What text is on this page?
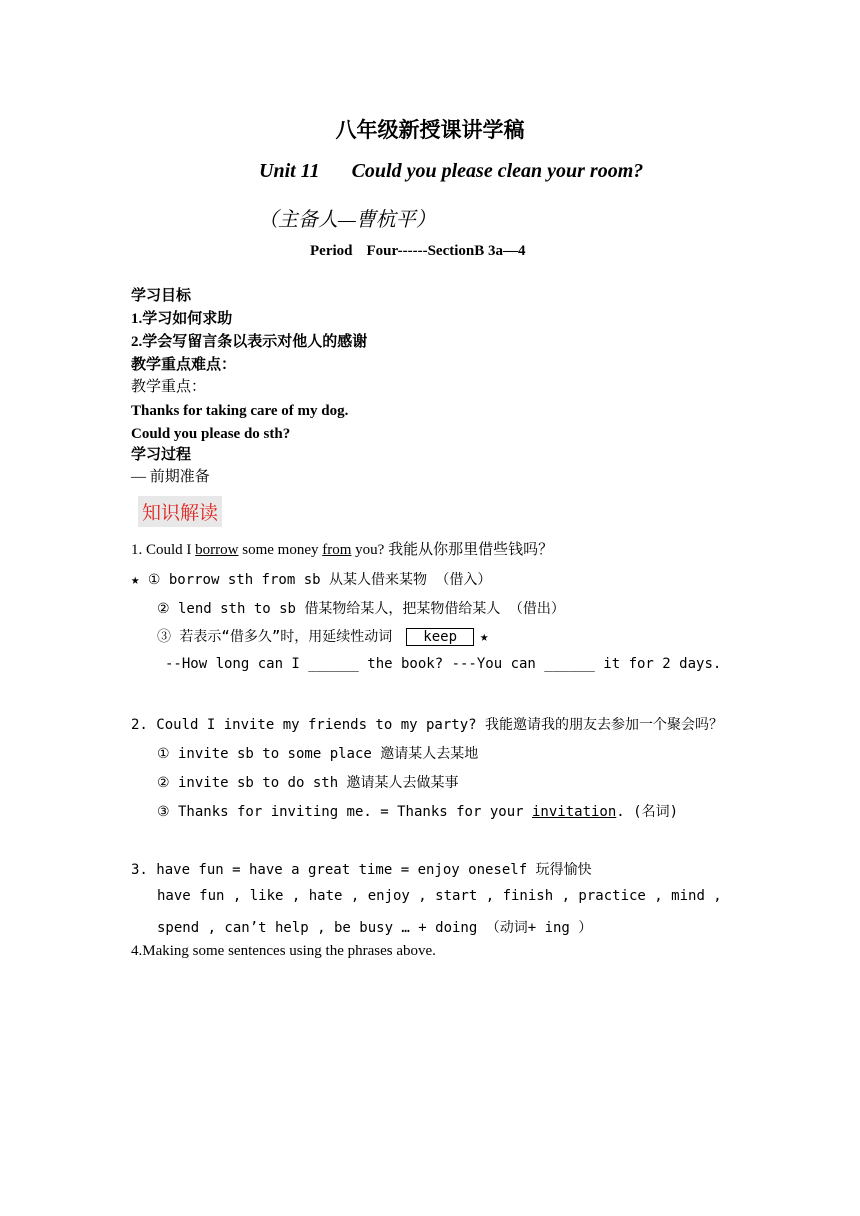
八年级新授课讲学稿
Unit 11 Could you please clean your room?
（主备人—曹杭平）
Period Four------SectionB 3a—4
学习目标
1.学习如何求助
2.学会写留言条以表示对他人的感谢
教学重点难点：
教学重点：
Thanks for taking care of my dog.
Could you please do sth?
学习过程
— 前期准备
知识解读
1. Could I borrow some money from you? 我能从你那里借些钱吗？
★ ① borrow sth from sb 从某人借来某物 （借入）
② lend sth to sb 借某物给某人，把某物借给某人 （借出）
③ 若表示“借多久”时，用延续性动词 keep ★
--How long can I ______ the book? ---You can ______ it for 2 days.
2. Could I invite my friends to my party? 我能邀请我的朋友去参加一个聚会吗？
① invite sb to some place 邀请某人去某地
② invite sb to do sth 邀请某人去做某事
③ Thanks for inviting me. = Thanks for your invitation. (名词)
3. have fun = have a great time = enjoy oneself 玩得愉快
have fun , like , hate , enjoy , start , finish , practice , mind ,
spend , can’t help , be busy … + doing （动词+ ing ）
4.Making some sentences using the phrases above.
